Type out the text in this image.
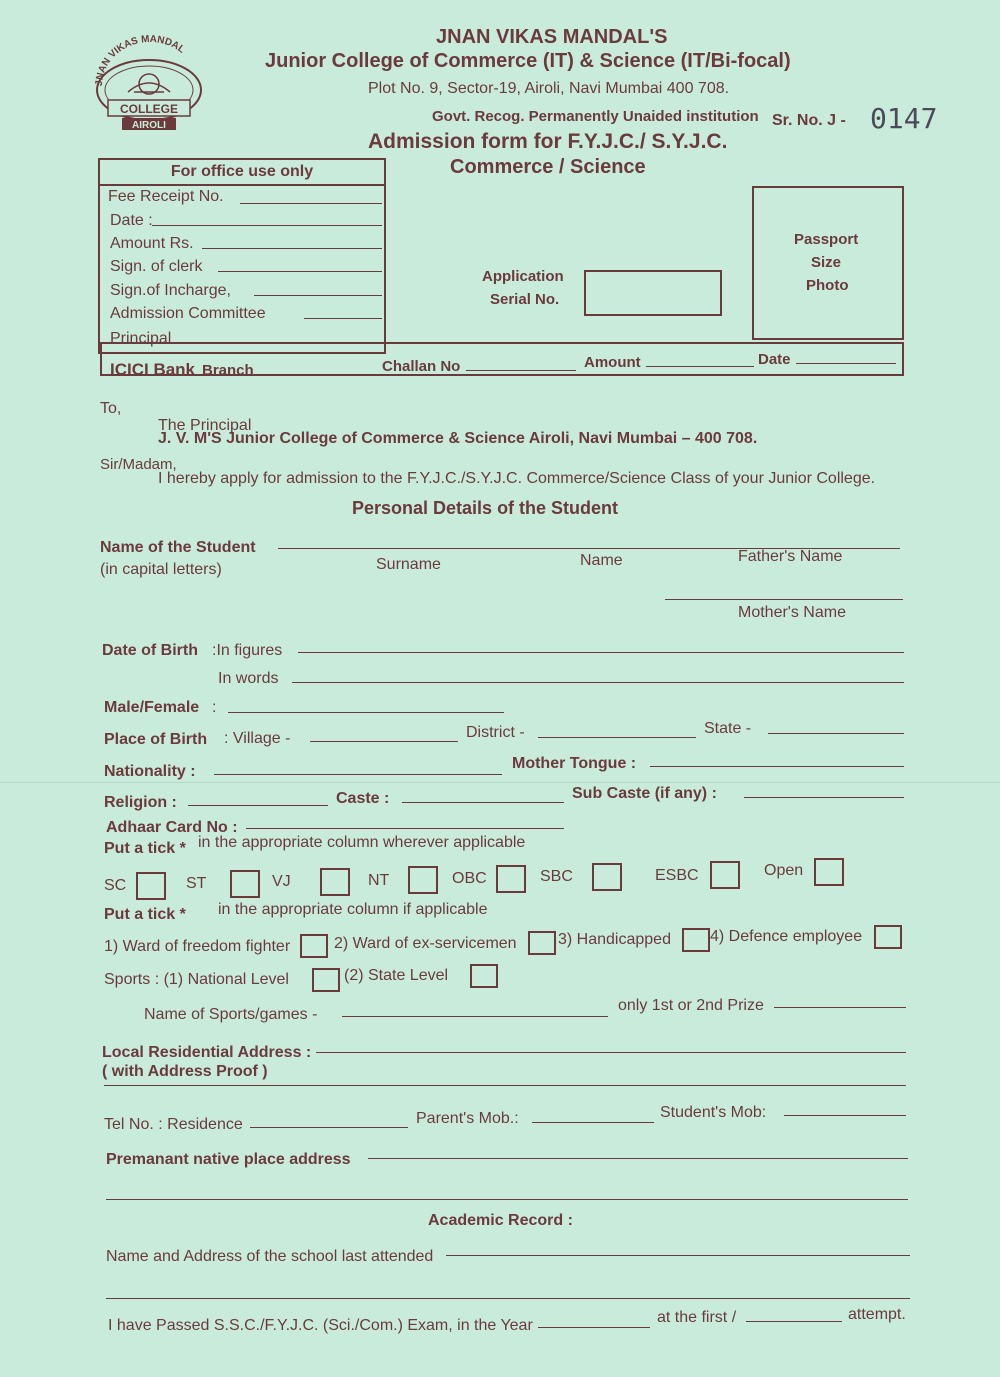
JNAN VIKAS MANDAL
COLLEGE
AIROLI
JNAN VIKAS MANDAL'S
Junior College of Commerce (IT) & Science (IT/Bi-focal)
Plot No. 9, Sector-19, Airoli, Navi Mumbai 400 708.
Govt. Recog. Permanently Unaided institution Sr. No. J - 0147
Admission form for F.Y.J.C./ S.Y.J.C.
Commerce / Science
For office use only
Fee Receipt No.
Date :
Amount Rs.
Sign. of clerk
Sign.of Incharge,
Admission Committee
Principal
Application
Serial No.
Passport
Size
Photo
ICICI Bank Branch	Challan No	Amount	Date
To,
The Principal
J. V. M'S Junior College of Commerce & Science Airoli, Navi Mumbai – 400 708.
Sir/Madam,
I hereby apply for admission to the F.Y.J.C./S.Y.J.C. Commerce/Science Class of your Junior College.
Personal Details of the Student
Name of the Student
(in capital letters)	Surname	Name	Father's Name
Mother's Name
Date of Birth :In figures
In words
Male/Female :
Place of Birth : Village -	District -	State -
Nationality :	Mother Tongue :
Religion :	Caste :	Sub Caste (if any) :
Adhaar Card No :
Put a tick * in the appropriate column wherever applicable
SC	ST	VJ	NT	OBC	SBC	ESBC	Open
Put a tick * in the appropriate column if applicable
1) Ward of freedom fighter	2) Ward of ex-servicemen	3) Handicapped 4) Defence employee
Sports : (1) National Level	(2) State Level
Name of Sports/games -
only 1st or 2nd Prize
Local Residential Address :
( with Address Proof )
Tel No. : Residence	Parent's Mob.:	Student's Mob:
Premanant native place address
Academic Record :
Name and Address of the school last attended
I have Passed S.S.C./F.Y.J.C. (Sci./Com.) Exam, in the Year	at the first /	attempt.
